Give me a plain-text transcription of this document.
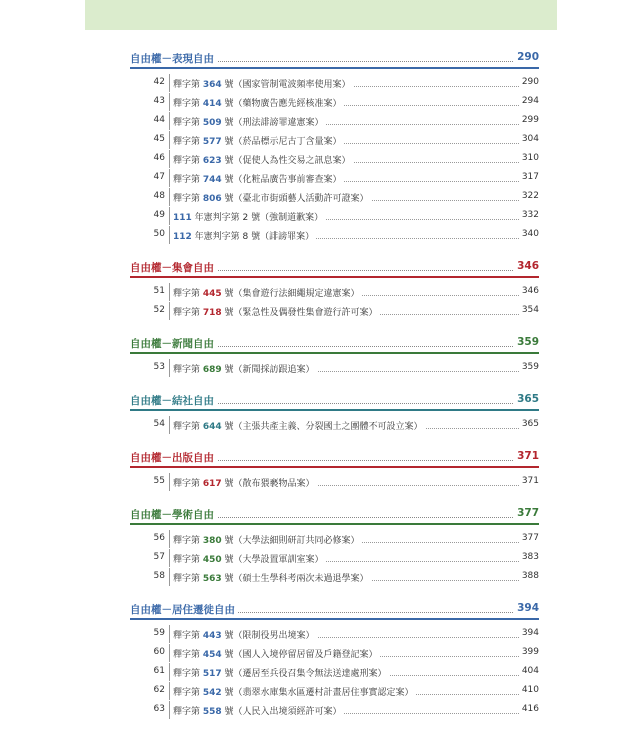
自由權－表現自由	290
42 釋字第 364 號（國家管制電波頻率使用案）	290
43 釋字第 414 號（藥物廣告應先經核准案）	294
44 釋字第 509 號（刑法誹謗罪違憲案）	299
45 釋字第 577 號（菸品標示尼古丁含量案）	304
46 釋字第 623 號（促使人為性交易之訊息案）	310
47 釋字第 744 號（化粧品廣告事前審查案）	317
48 釋字第 806 號（臺北市街頭藝人活動許可證案）	322
49 111 年憲判字第 2 號（強制道歉案）	332
50 112 年憲判字第 8 號（誹謗罪案）	340
自由權－集會自由	346
51 釋字第 445 號（集會遊行法細繩規定違憲案）	346
52 釋字第 718 號（緊急性及偶發性集會遊行許可案）	354
自由權－新聞自由	359
53 釋字第 689 號（新聞採訪跟追案）	359
自由權－結社自由	365
54 釋字第 644 號（主張共產主義、分裂國土之團體不可設立案）	365
自由權－出版自由	371
55 釋字第 617 號（散布猥褻物品案）	371
自由權－學術自由	377
56 釋字第 380 號（大學法細則研訂共同必修案）	377
57 釋字第 450 號（大學設置軍訓室案）	383
58 釋字第 563 號（碩士生學科考兩次未過退學案）	388
自由權－居住遷徙自由	394
59 釋字第 443 號（限制役男出境案）	394
60 釋字第 454 號（國人入境停留居留及戶籍登記案）	399
61 釋字第 517 號（遷居至兵役召集令無法送達處刑案）	404
62 釋字第 542 號（翡翠水庫集水區遷村計畫居住事實認定案）	410
63 釋字第 558 號（人民入出境須經許可案）	416
